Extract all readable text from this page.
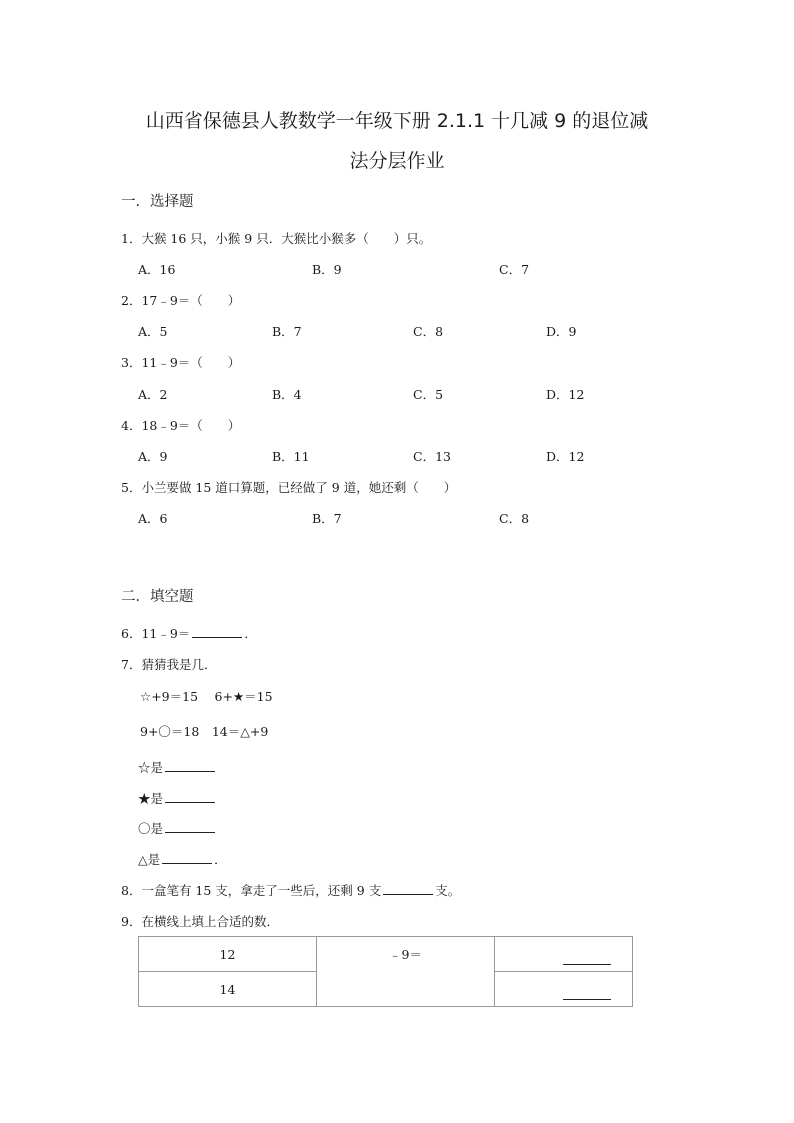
山西省保德县人教数学一年级下册 2.1.1 十几减 9 的退位减
法分层作业
一．选择题
1．大猴 16 只，小猴 9 只．大猴比小猴多（　　）只。
A．16	B．9	C．7
2．17﹣9＝（　　）
A．5	B．7	C．8	D．9
3．11﹣9＝（　　）
A．2	B．4	C．5	D．12
4．18﹣9＝（　　）
A．9	B．11	C．13	D．12
5．小兰要做 15 道口算题，已经做了 9 道，她还剩（　　）
A．6	B．7	C．8
二．填空题
6．11﹣9＝	．
7．猜猜我是几．
☆+9＝15　 6+★＝15
9+〇＝18　14＝△+9
☆是
★是
〇是
△是	．
8．一盒笔有 15 支，拿走了一些后，还剩 9 支	支。
9．在横线上填上合适的数．
12	﹣9＝	

14		
